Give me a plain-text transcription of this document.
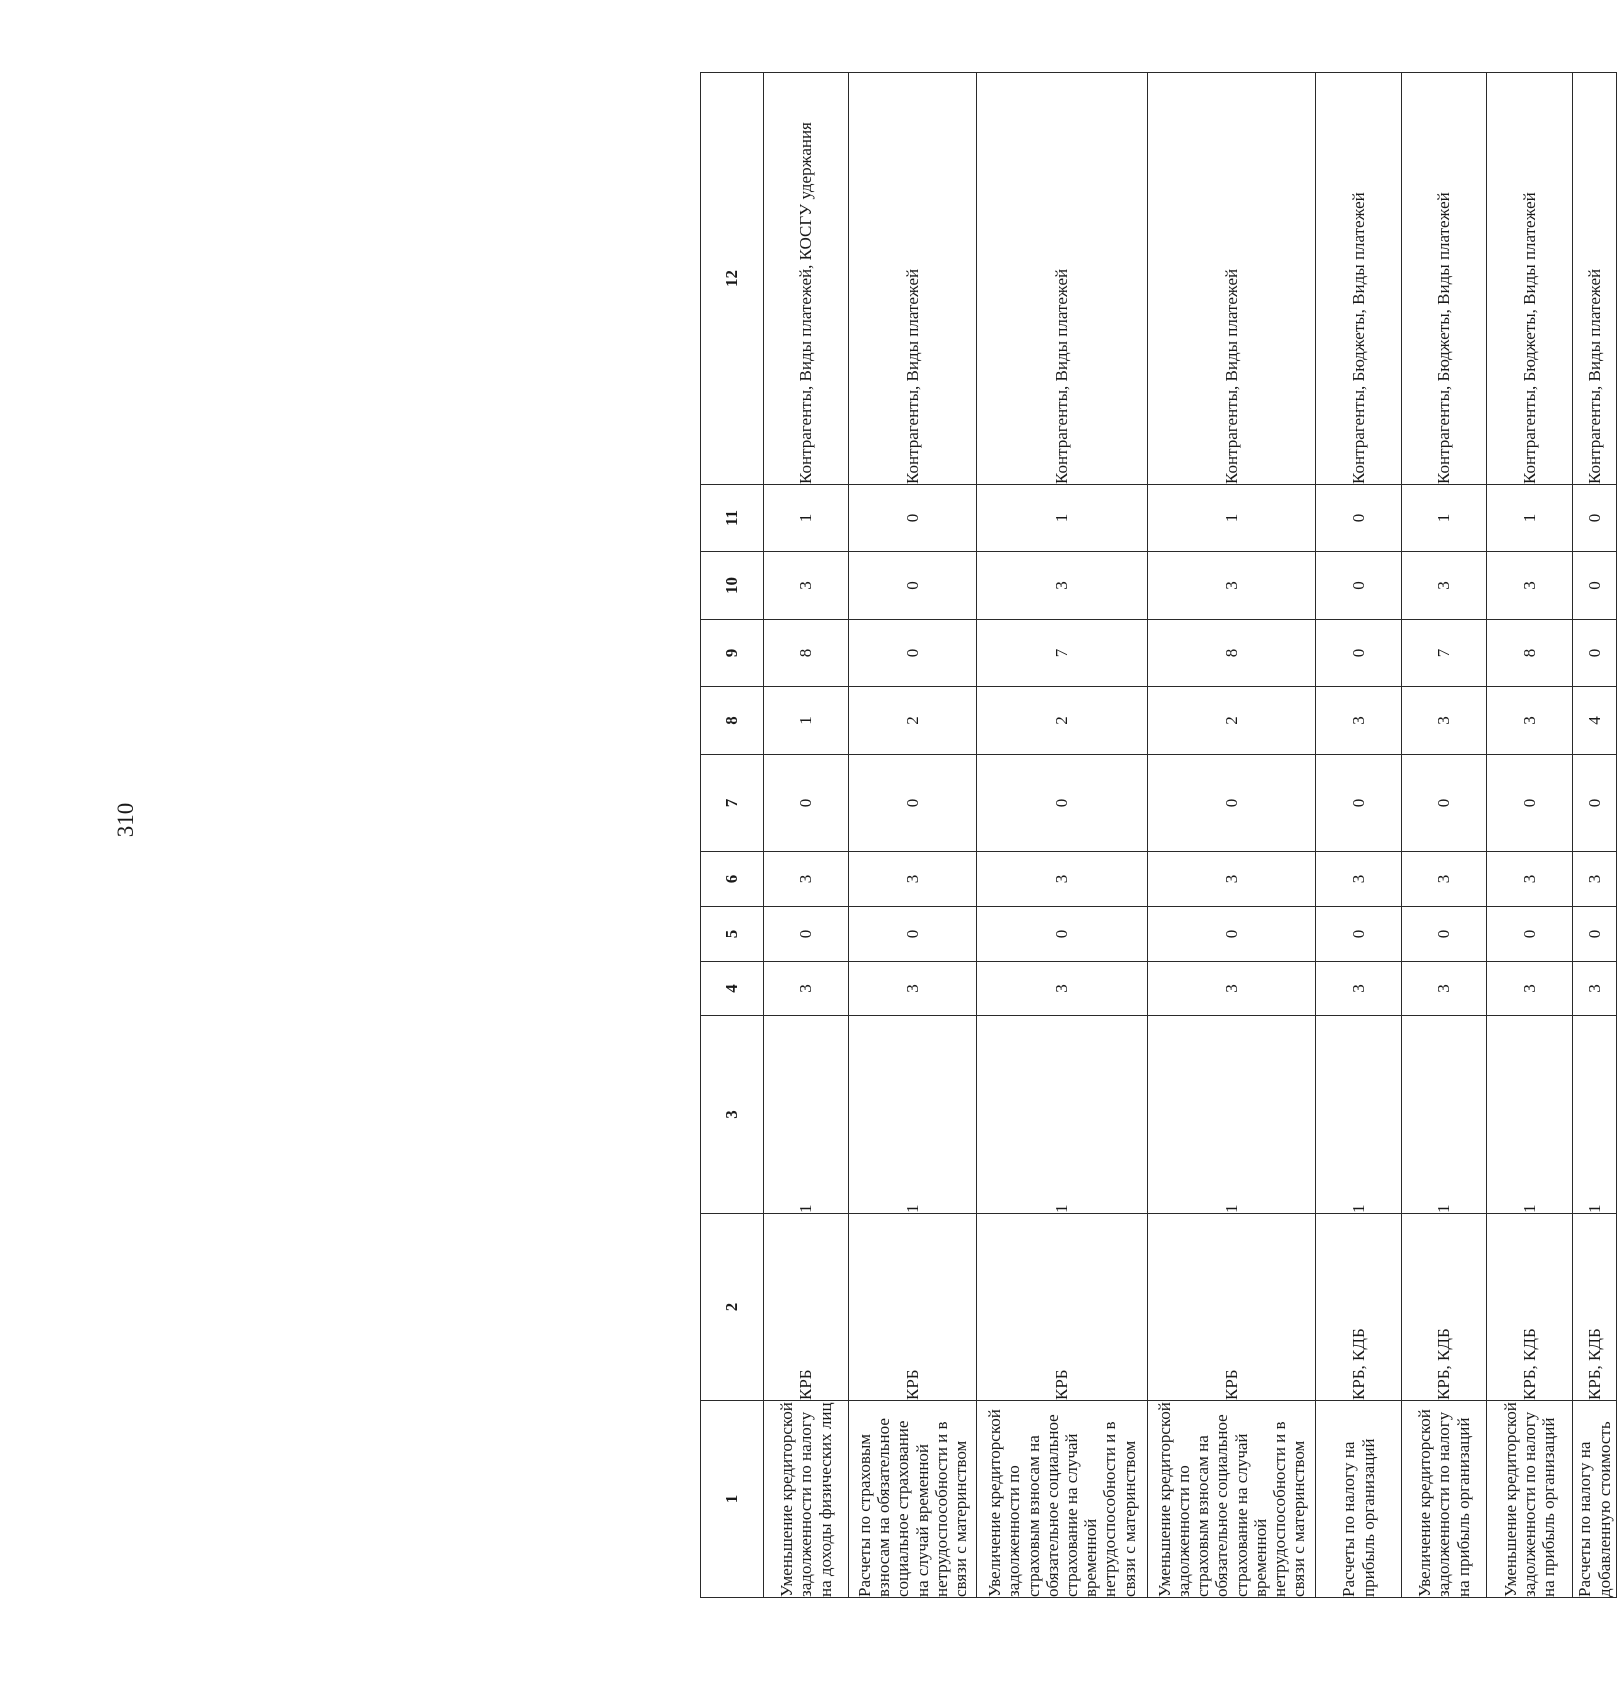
310
1	2	3	4	5	6	7	8	9	10	11	12
Уменьшение кредиторской задолженности по налогу на доходы физических лиц	КРБ	1	3	0	3	0	1	8	3	1	Контрагенты, Виды платежей, КОСГУ удержания
Расчеты по страховым взносам на обязательное социальное страхование на случай временной нетрудоспособности и в связи с материнством	КРБ	1	3	0	3	0	2	0	0	0	Контрагенты, Виды платежей
Увеличение кредиторской задолженности по страховым взносам на обязательное социальное страхование на случай временной нетрудоспособности и в связи с материнством	КРБ	1	3	0	3	0	2	7	3	1	Контрагенты, Виды платежей
Уменьшение кредиторской задолженности по страховым взносам на обязательное социальное страхование на случай временной нетрудоспособности и в связи с материнством	КРБ	1	3	0	3	0	2	8	3	1	Контрагенты, Виды платежей
Расчеты по налогу на прибыль организаций	КРБ, КДБ	1	3	0	3	0	3	0	0	0	Контрагенты, Бюджеты, Виды платежей
Увеличение кредиторской задолженности по налогу на прибыль организаций	КРБ, КДБ	1	3	0	3	0	3	7	3	1	Контрагенты, Бюджеты, Виды платежей
Уменьшение кредиторской задолженности по налогу на прибыль организаций	КРБ, КДБ	1	3	0	3	0	3	8	3	1	Контрагенты, Бюджеты, Виды платежей
Расчеты по налогу на добавленную стоимость	КРБ, КДБ	1	3	0	3	0	4	0	0	0	Контрагенты, Виды платежей
